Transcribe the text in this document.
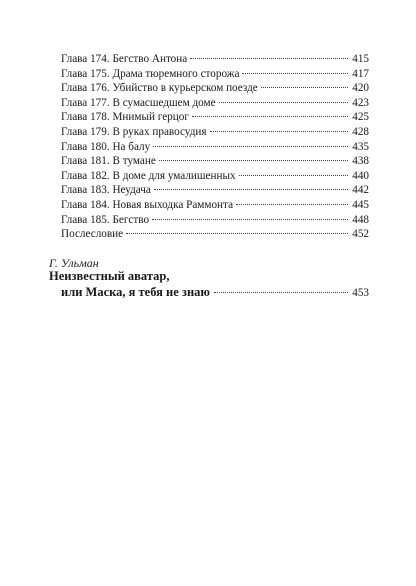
Глава 174. Бегство Антона	415
Глава 175. Драма тюремного сторожа	417
Глава 176. Убийство в курьерском поезде	420
Глава 177. В сумасшедшем доме	423
Глава 178. Мнимый герцог	425
Глава 179. В руках правосудия	428
Глава 180. На балу	435
Глава 181. В тумане	438
Глава 182. В доме для умалишенных	440
Глава 183. Неудача	442
Глава 184. Новая выходка Раммонта	445
Глава 185. Бегство	448
Послесловие	452
Г. Ульман
Неизвестный аватар,
или Маска, я тебя не знаю	453
